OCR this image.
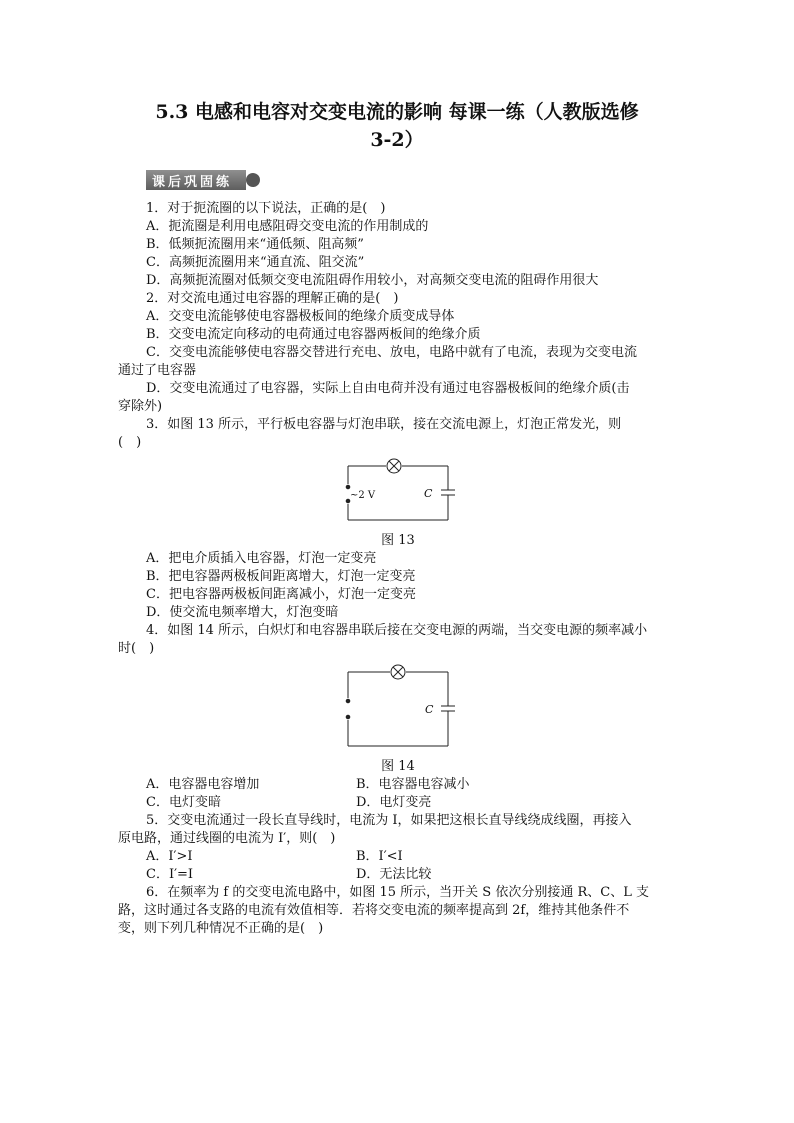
5.3 电感和电容对交变电流的影响 每课一练（人教版选修
3-2）
课后巩固练
1．对于扼流圈的以下说法，正确的是(　)
A．扼流圈是利用电感阻碍交变电流的作用制成的
B．低频扼流圈用来“通低频、阻高频”
C．高频扼流圈用来“通直流、阻交流”
D．高频扼流圈对低频交变电流阻碍作用较小，对高频交变电流的阻碍作用很大
2．对交流电通过电容器的理解正确的是(　)
A．交变电流能够使电容器极板间的绝缘介质变成导体
B．交变电流定向移动的电荷通过电容器两板间的绝缘介质
C．交变电流能够使电容器交替进行充电、放电，电路中就有了电流，表现为交变电流
通过了电容器
D．交变电流通过了电容器，实际上自由电荷并没有通过电容器极板间的绝缘介质(击
穿除外)
3．如图 13 所示，平行板电容器与灯泡串联，接在交流电源上，灯泡正常发光，则
(　)
~2 V	C
图 13
A．把电介质插入电容器，灯泡一定变亮
B．把电容器两极板间距离增大，灯泡一定变亮
C．把电容器两极板间距离减小，灯泡一定变亮
D．使交流电频率增大，灯泡变暗
4．如图 14 所示，白炽灯和电容器串联后接在交变电源的两端，当交变电源的频率减小
时(　)
C
图 14
A．电容器电容增加	B．电容器电容减小
C．电灯变暗	D．电灯变亮
5．交变电流通过一段长直导线时，电流为 I，如果把这根长直导线绕成线圈，再接入
原电路，通过线圈的电流为 I′，则(　)
A．I′>I	B．I′<I
C．I′=I	D．无法比较
6．在频率为 f 的交变电流电路中，如图 15 所示，当开关 S 依次分别接通 R、C、L 支
路，这时通过各支路的电流有效值相等．若将交变电流的频率提高到 2f，维持其他条件不
变，则下列几种情况不正确的是(　)
